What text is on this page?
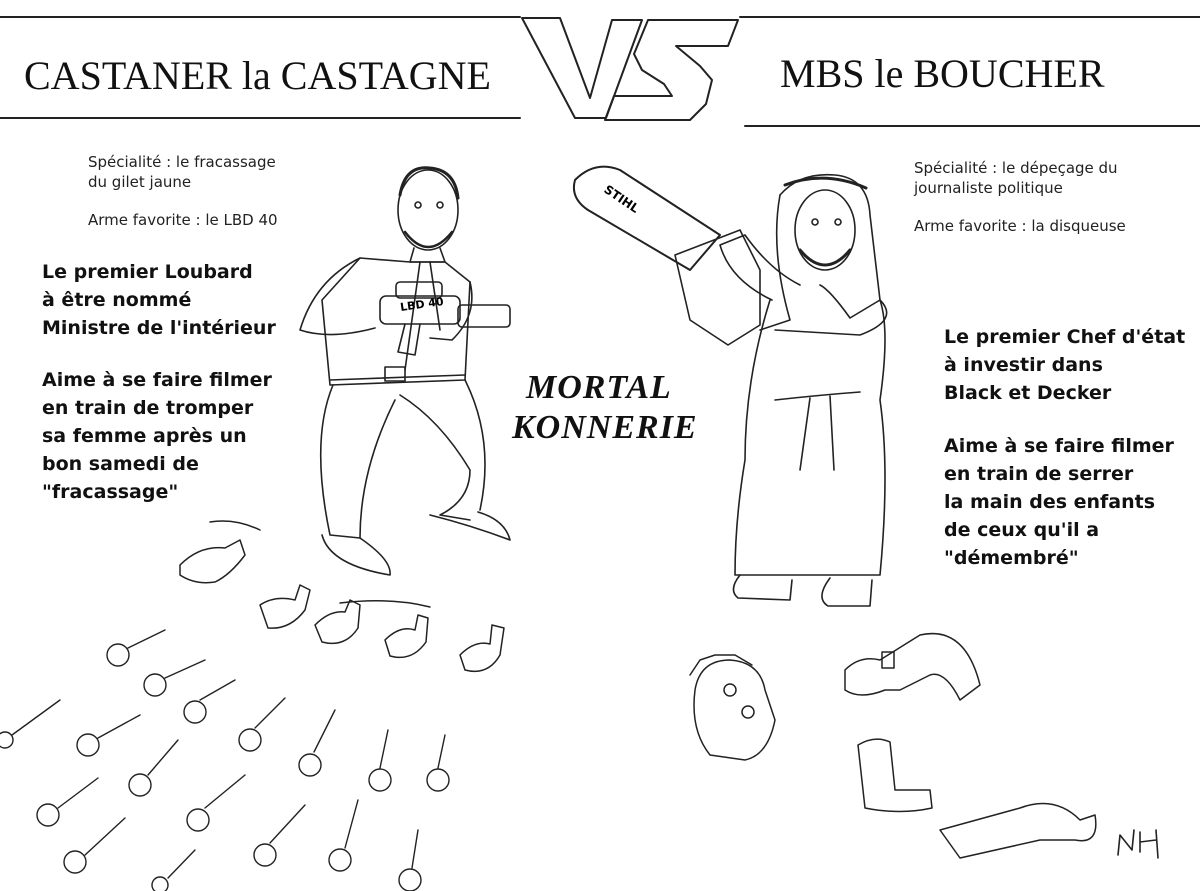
CASTANER la CASTAGNE	MBS le BOUCHER
Spécialité : le fracassage
du gilet jaune
Arme favorite : le LBD 40
Le premier Loubard
à être nommé
Ministre de l'intérieur
Aime à se faire filmer
en train de tromper
sa femme après un
bon samedi de
"fracassage"
Spécialité : le dépeçage du
journaliste politique
Arme favorite : la disqueuse
Le premier Chef d'état
à investir dans
Black et Decker
Aime à se faire filmer
en train de serrer
la main des enfants
de ceux qu'il a
"démembré"
MORTAL
KONNERIE
LBD 40
STIHL
